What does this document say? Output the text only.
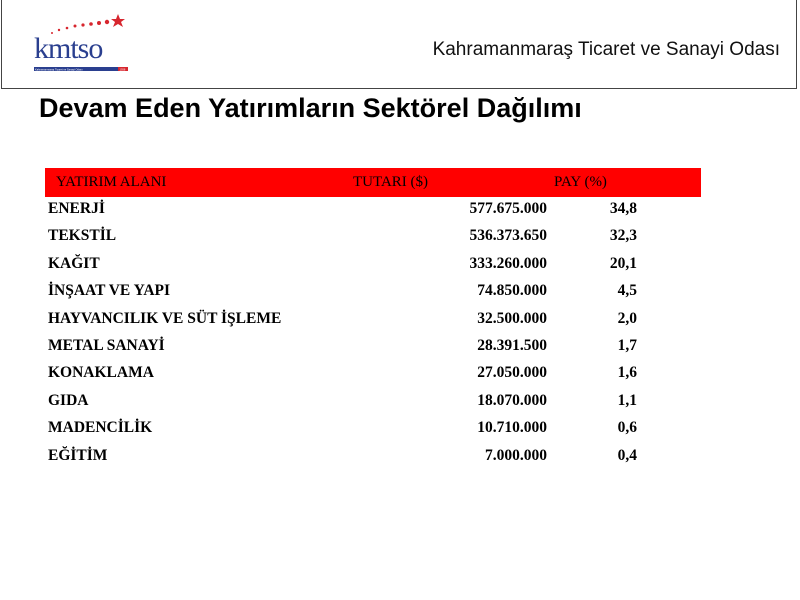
kmtso
Kahramanmaraş Ticaret ve Sanayi Odası	1938
Kahramanmaraş Ticaret ve Sanayi Odası
Devam Eden Yatırımların Sektörel Dağılımı
YATIRIM ALANI	TUTARI ($)	PAY (%)
ENERJİ	577.675.000	34,8
TEKSTİL	536.373.650	32,3
KAĞIT	333.260.000	20,1
İNŞAAT VE YAPI	74.850.000	4,5
HAYVANCILIK VE SÜT İŞLEME	32.500.000	2,0
METAL SANAYİ	28.391.500	1,7
KONAKLAMA	27.050.000	1,6
GIDA	18.070.000	1,1
MADENCİLİK	10.710.000	0,6
EĞİTİM	7.000.000	0,4
